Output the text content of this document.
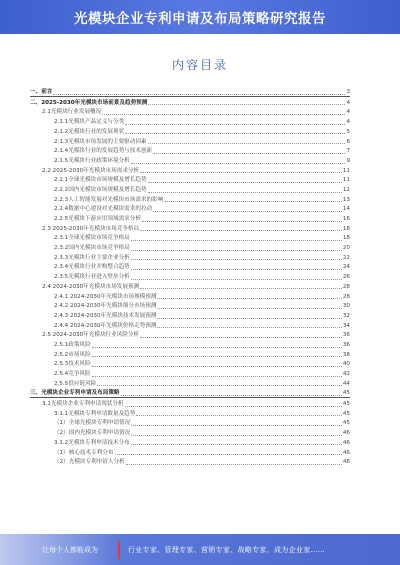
光模块企业专利申请及布局策略研究报告
内容目录
一、前言	3
二、2025-2030年光模块市场前景及趋势预测	4
2.1光模块行业发展概况	4
2.1.1光模块产品定义与分类	4
2.1.2光模块行业的发展现状	5
2.1.3光模块市场发展的主要驱动因素	6
2.1.4光模块行业的发展趋势与技术创新	7
2.1.5光模块行业政策环境分析	9
2.2 2025-2030年光模块市场需求分析	11
2.2.1全球光模块市场规模及增长趋势	11
2.2.2国内光模块市场规模及增长趋势	12
2.2.3人工智能发展对光模块市场需求的影响	13
2.2.4数据中心建设对光模块需求的拉动	14
2.2.5光模块下游应用领域需求分析	16
2.3 2025-2030年光模块市场竞争格局	18
2.3.1全球光模块市场竞争格局	18
2.3.2国内光模块市场竞争格局	20
2.3.3光模块行业主要企业分析	22
2.3.4光模块行业并购整合趋势	24
2.3.5光模块行业进入壁垒分析	26
2.4 2024-2030年光模块市场发展预测	28
2.4.1 2024-2030年光模块市场规模预测	28
2.4.2 2024-2030年光模块细分市场预测	30
2.4.3 2024-2030年光模块技术发展预测	32
2.4.4 2024-2030年光模块价格走势预测	34
2.5 2024-2030年光模块行业风险分析	36
2.5.1政策风险	36
2.5.2市场风险	38
2.5.3技术风险	40
2.5.4竞争风险	42
2.5.5供应链风险	44
三、光模块企业专利申请及布局策略	45
3.1光模块企业专利申请现状分析	45
3.1.1光模块专利申请数量及趋势	45
（1）全球光模块专利申请情况	45
（2）国内光模块专利申请情况	46
3.1.2光模块专利申请技术分布	46
（1）核心技术专利分布	46
（2）光模块专利申请人分析	46
让每个人都能成为	行业专家、管理专家、营销专家、战略专家、成为企业家……
